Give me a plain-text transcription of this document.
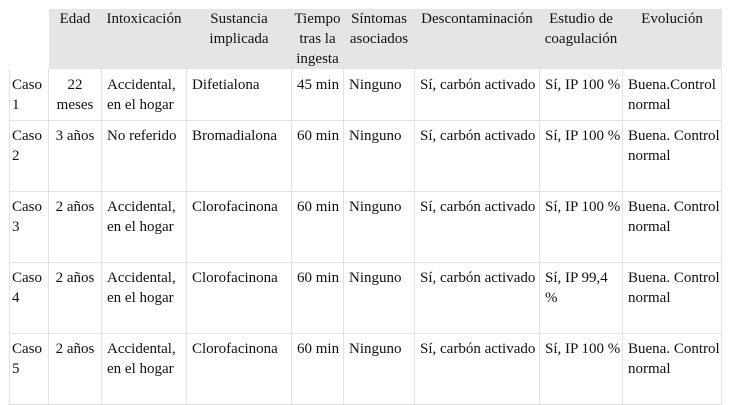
	Edad	Intoxicación	Sustancia implicada	Tiempo tras la ingesta	Síntomas asociados	Descontaminación	Estudio de coagulación	Evolución
Caso 1	22 meses	Accidental, en el hogar	Difetialona	45 min	Ninguno	Sí, carbón activado	Sí, IP 100 %	Buena.Control normal
Caso 2	3 años	No referido	Bromadialona	60 min	Ninguno	Sí, carbón activado	Sí, IP 100 %	Buena. Control normal
Caso 3	2 años	Accidental, en el hogar	Clorofacinona	60 min	Ninguno	Sí, carbón activado	Sí, IP 100 %	Buena. Control normal
Caso 4	2 años	Accidental, en el hogar	Clorofacinona	60 min	Ninguno	Sí, carbón activado	Sí, IP 99,4 %	Buena. Control normal
Caso 5	2 años	Accidental, en el hogar	Clorofacinona	60 min	Ninguno	Sí, carbón activado	Sí, IP 100 %	Buena. Control normal
